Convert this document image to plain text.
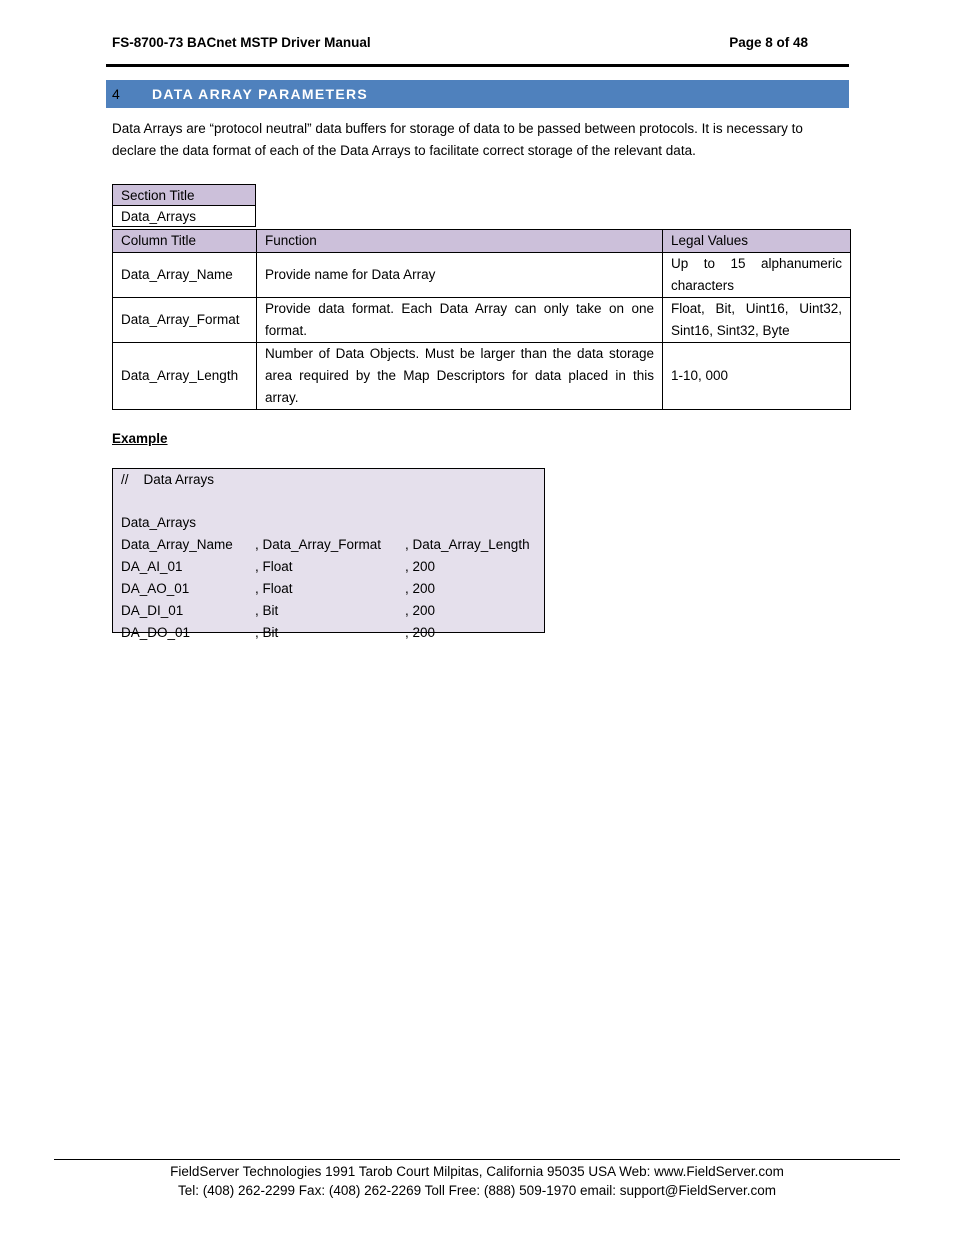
FS-8700-73 BACnet MSTP Driver Manual	Page 8 of 48
4	DATA ARRAY PARAMETERS
Data Arrays are “protocol neutral” data buffers for storage of data to be passed between protocols. It is necessary to declare the data format of each of the Data Arrays to facilitate correct storage of the relevant data.
Section Title
Data_Arrays
Column Title	Function	Legal Values
Data_Array_Name	Provide name for Data Array	Up to 15 alphanumeric characters
Data_Array_Format	Provide data format. Each Data Array can only take on one format.	Float, Bit, Uint16, Uint32, Sint16, Sint32, Byte
Data_Array_Length	Number of Data Objects. Must be larger than the data storage area required by the Map Descriptors for data placed in this array.	1-10, 000
Example
//    Data Arrays
Data_Arrays
Data_Array_Name , Data_Array_Format , Data_Array_Length
DA_AI_01	, Float	, 200
DA_AO_01	, Float	, 200
DA_DI_01	, Bit	, 200
DA_DO_01	, Bit	, 200
FieldServer Technologies 1991 Tarob Court Milpitas, California 95035 USA Web: www.FieldServer.com
Tel: (408) 262-2299 Fax: (408) 262-2269 Toll Free: (888) 509-1970 email: support@FieldServer.com
